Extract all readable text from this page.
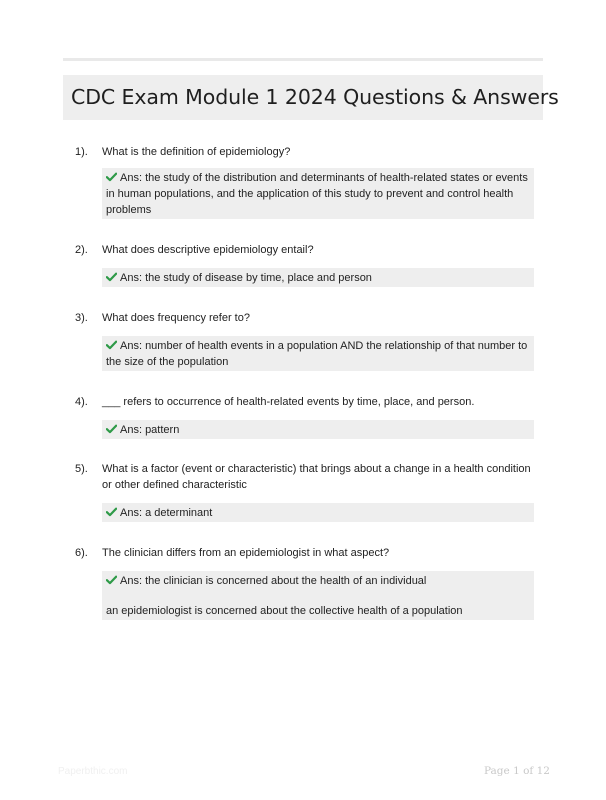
CDC Exam Module 1 2024 Questions & Answers
1). What is the definition of epidemiology?
Ans: the study of the distribution and determinants of health-related states or events in human populations, and the application of this study to prevent and control health problems
2). What does descriptive epidemiology entail?
Ans: the study of disease by time, place and person
3). What does frequency refer to?
Ans: number of health events in a population AND the relationship of that number to the size of the population
4). ___ refers to occurrence of health-related events by time, place, and person.
Ans: pattern
5). What is a factor (event or characteristic) that brings about a change in a health condition or other defined characteristic
Ans: a determinant
6). The clinician differs from an epidemiologist in what aspect?
Ans: the clinician is concerned about the health of an individual
an epidemiologist is concerned about the collective health of a population
Paperbthic.com	Page 1 of 12
